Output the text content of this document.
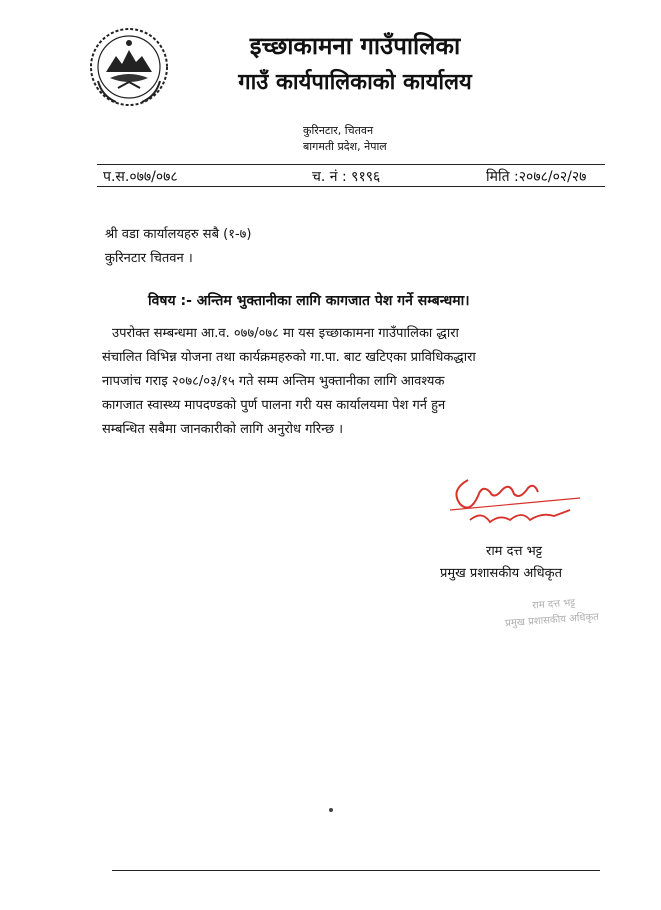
इच्छाकामना गाउँपालिका
गाउँ कार्यपालिकाको कार्यालय
कुरिनटार, चितवन
बागमती प्रदेश, नेपाल
प.स.०७७/०७८	च. नं : ९१९६	मिति :२०७८/०२/२७
श्री वडा कार्यालयहरु सबै (१-७)
कुरिनटार चितवन ।
विषय :- अन्तिम भुक्तानीका लागि कागजात पेश गर्ने सम्बन्धमा।
उपरोक्त सम्बन्धमा आ.व. ०७७/०७८ मा यस इच्छाकामना गाउँपालिका द्धारा
संचालित विभिन्न योजना तथा कार्यक्रमहरुको गा.पा. बाट खटिएका प्राविधिकद्धारा
नापजांच गराइ २०७८/०३/१५ गते सम्म अन्तिम भुक्तानीका लागि आवश्यक
कागजात स्वास्थ्य मापदण्डको पुर्ण पालना गरी यस कार्यालयमा पेश गर्न हुन
सम्बन्धित सबैमा जानकारीको लागि अनुरोध गरिन्छ ।
राम दत्त भट्ट
प्रमुख प्रशासकीय अधिकृत
राम दत्त भट्ट
प्रमुख प्रशासकीय अधिकृत
